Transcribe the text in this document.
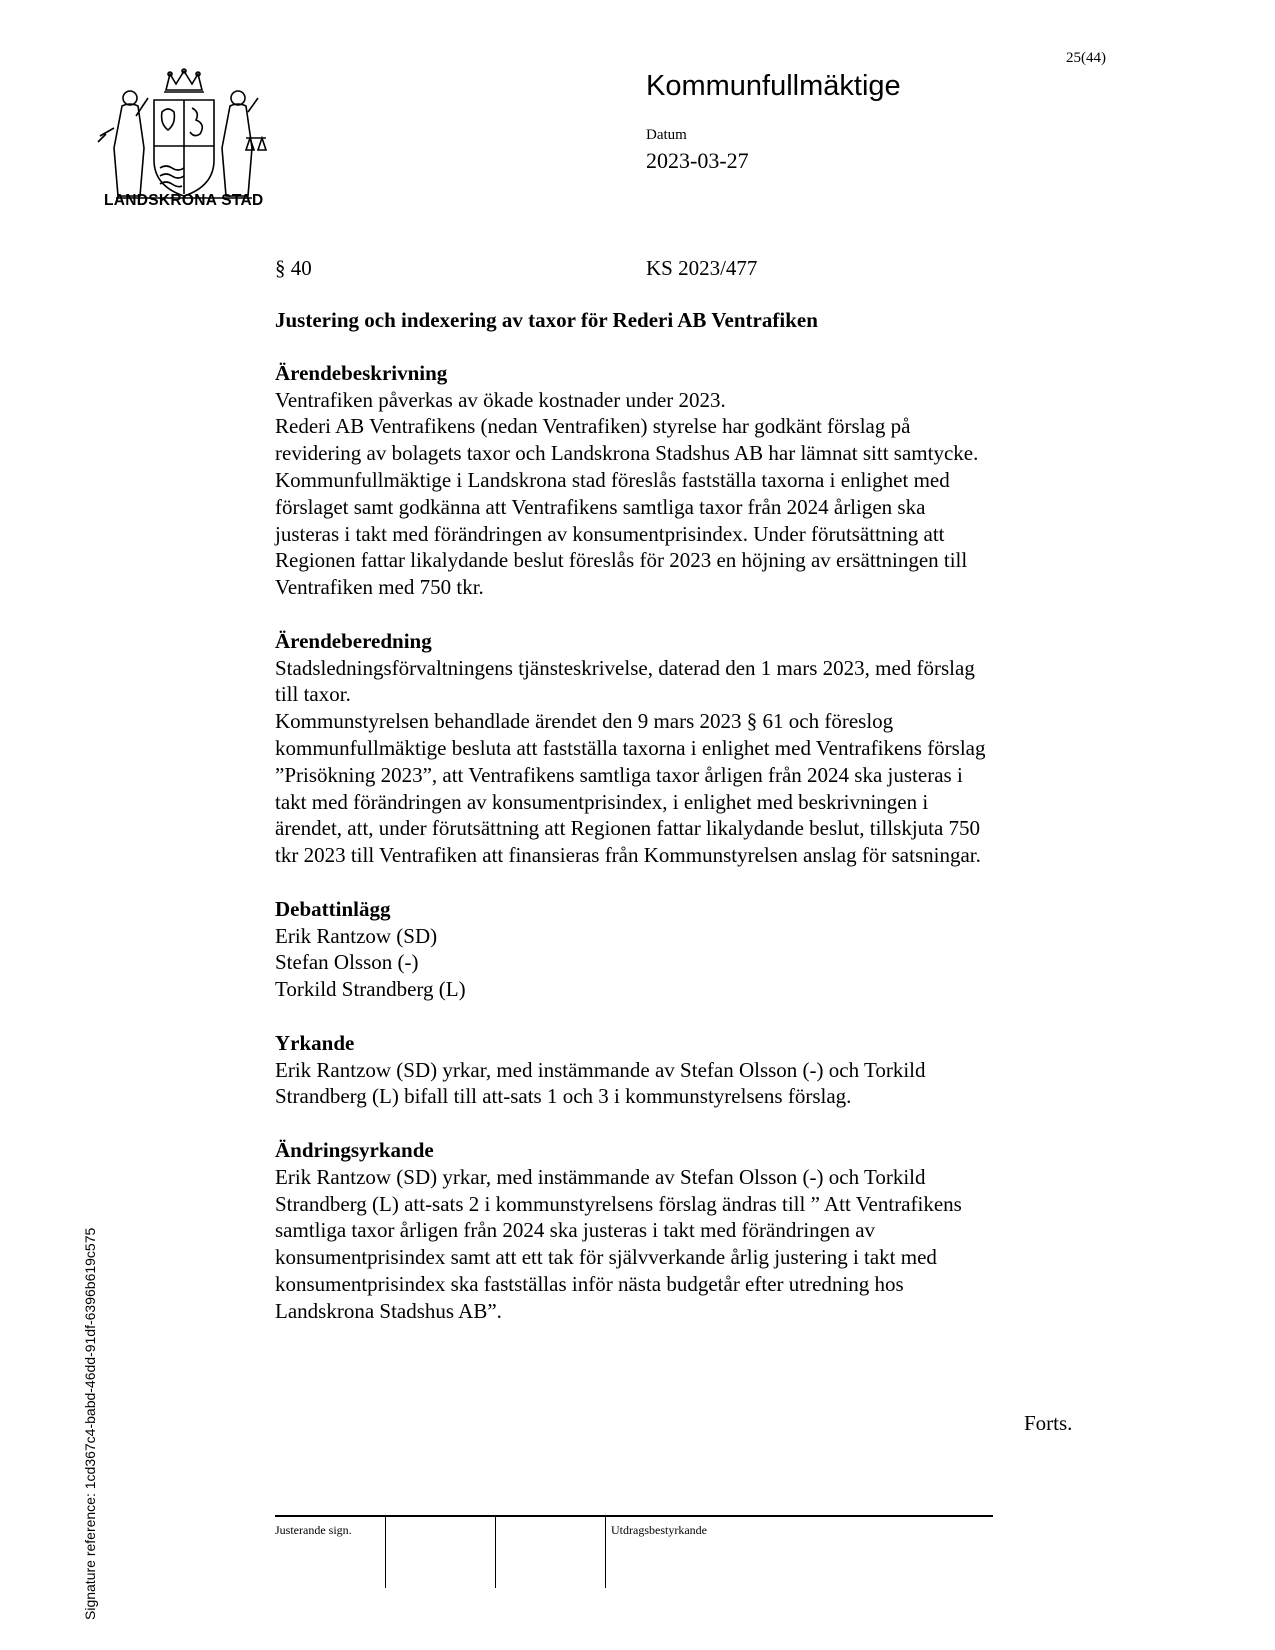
25(44)
LANDSKRONA STAD
Kommunfullmäktige
Datum
2023-03-27
§ 40	KS 2023/477
Justering och indexering av taxor för Rederi AB Ventrafiken
Ärendebeskrivning
Ventrafiken påverkas av ökade kostnader under 2023.
Rederi AB Ventrafikens (nedan Ventrafiken) styrelse har godkänt förslag på
revidering av bolagets taxor och Landskrona Stadshus AB har lämnat sitt samtycke.
Kommunfullmäktige i Landskrona stad föreslås fastställa taxorna i enlighet med
förslaget samt godkänna att Ventrafikens samtliga taxor från 2024 årligen ska
justeras i takt med förändringen av konsumentprisindex. Under förutsättning att
Regionen fattar likalydande beslut föreslås för 2023 en höjning av ersättningen till
Ventrafiken med 750 tkr.
Ärendeberedning
Stadsledningsförvaltningens tjänsteskrivelse, daterad den 1 mars 2023, med förslag
till taxor.
Kommunstyrelsen behandlade ärendet den 9 mars 2023 § 61 och föreslog
kommunfullmäktige besluta att fastställa taxorna i enlighet med Ventrafikens förslag
”Prisökning 2023”, att Ventrafikens samtliga taxor årligen från 2024 ska justeras i
takt med förändringen av konsumentprisindex, i enlighet med beskrivningen i
ärendet, att, under förutsättning att Regionen fattar likalydande beslut, tillskjuta 750
tkr 2023 till Ventrafiken att finansieras från Kommunstyrelsen anslag för satsningar.
Debattinlägg
Erik Rantzow (SD)
Stefan Olsson (-)
Torkild Strandberg (L)
Yrkande
Erik Rantzow (SD) yrkar, med instämmande av Stefan Olsson (-) och Torkild
Strandberg (L) bifall till att-sats 1 och 3 i kommunstyrelsens förslag.
Ändringsyrkande
Erik Rantzow (SD) yrkar, med instämmande av Stefan Olsson (-) och Torkild
Strandberg (L) att-sats 2 i kommunstyrelsens förslag ändras till ” Att Ventrafikens
samtliga taxor årligen från 2024 ska justeras i takt med förändringen av
konsumentprisindex samt att ett tak för självverkande årlig justering i takt med
konsumentprisindex ska fastställas inför nästa budgetår efter utredning hos
Landskrona Stadshus AB”.
Forts.
Signature reference: 1cd367c4-babd-46dd-91df-6396b619c575	Justerande sign.	Utdragsbestyrkande
